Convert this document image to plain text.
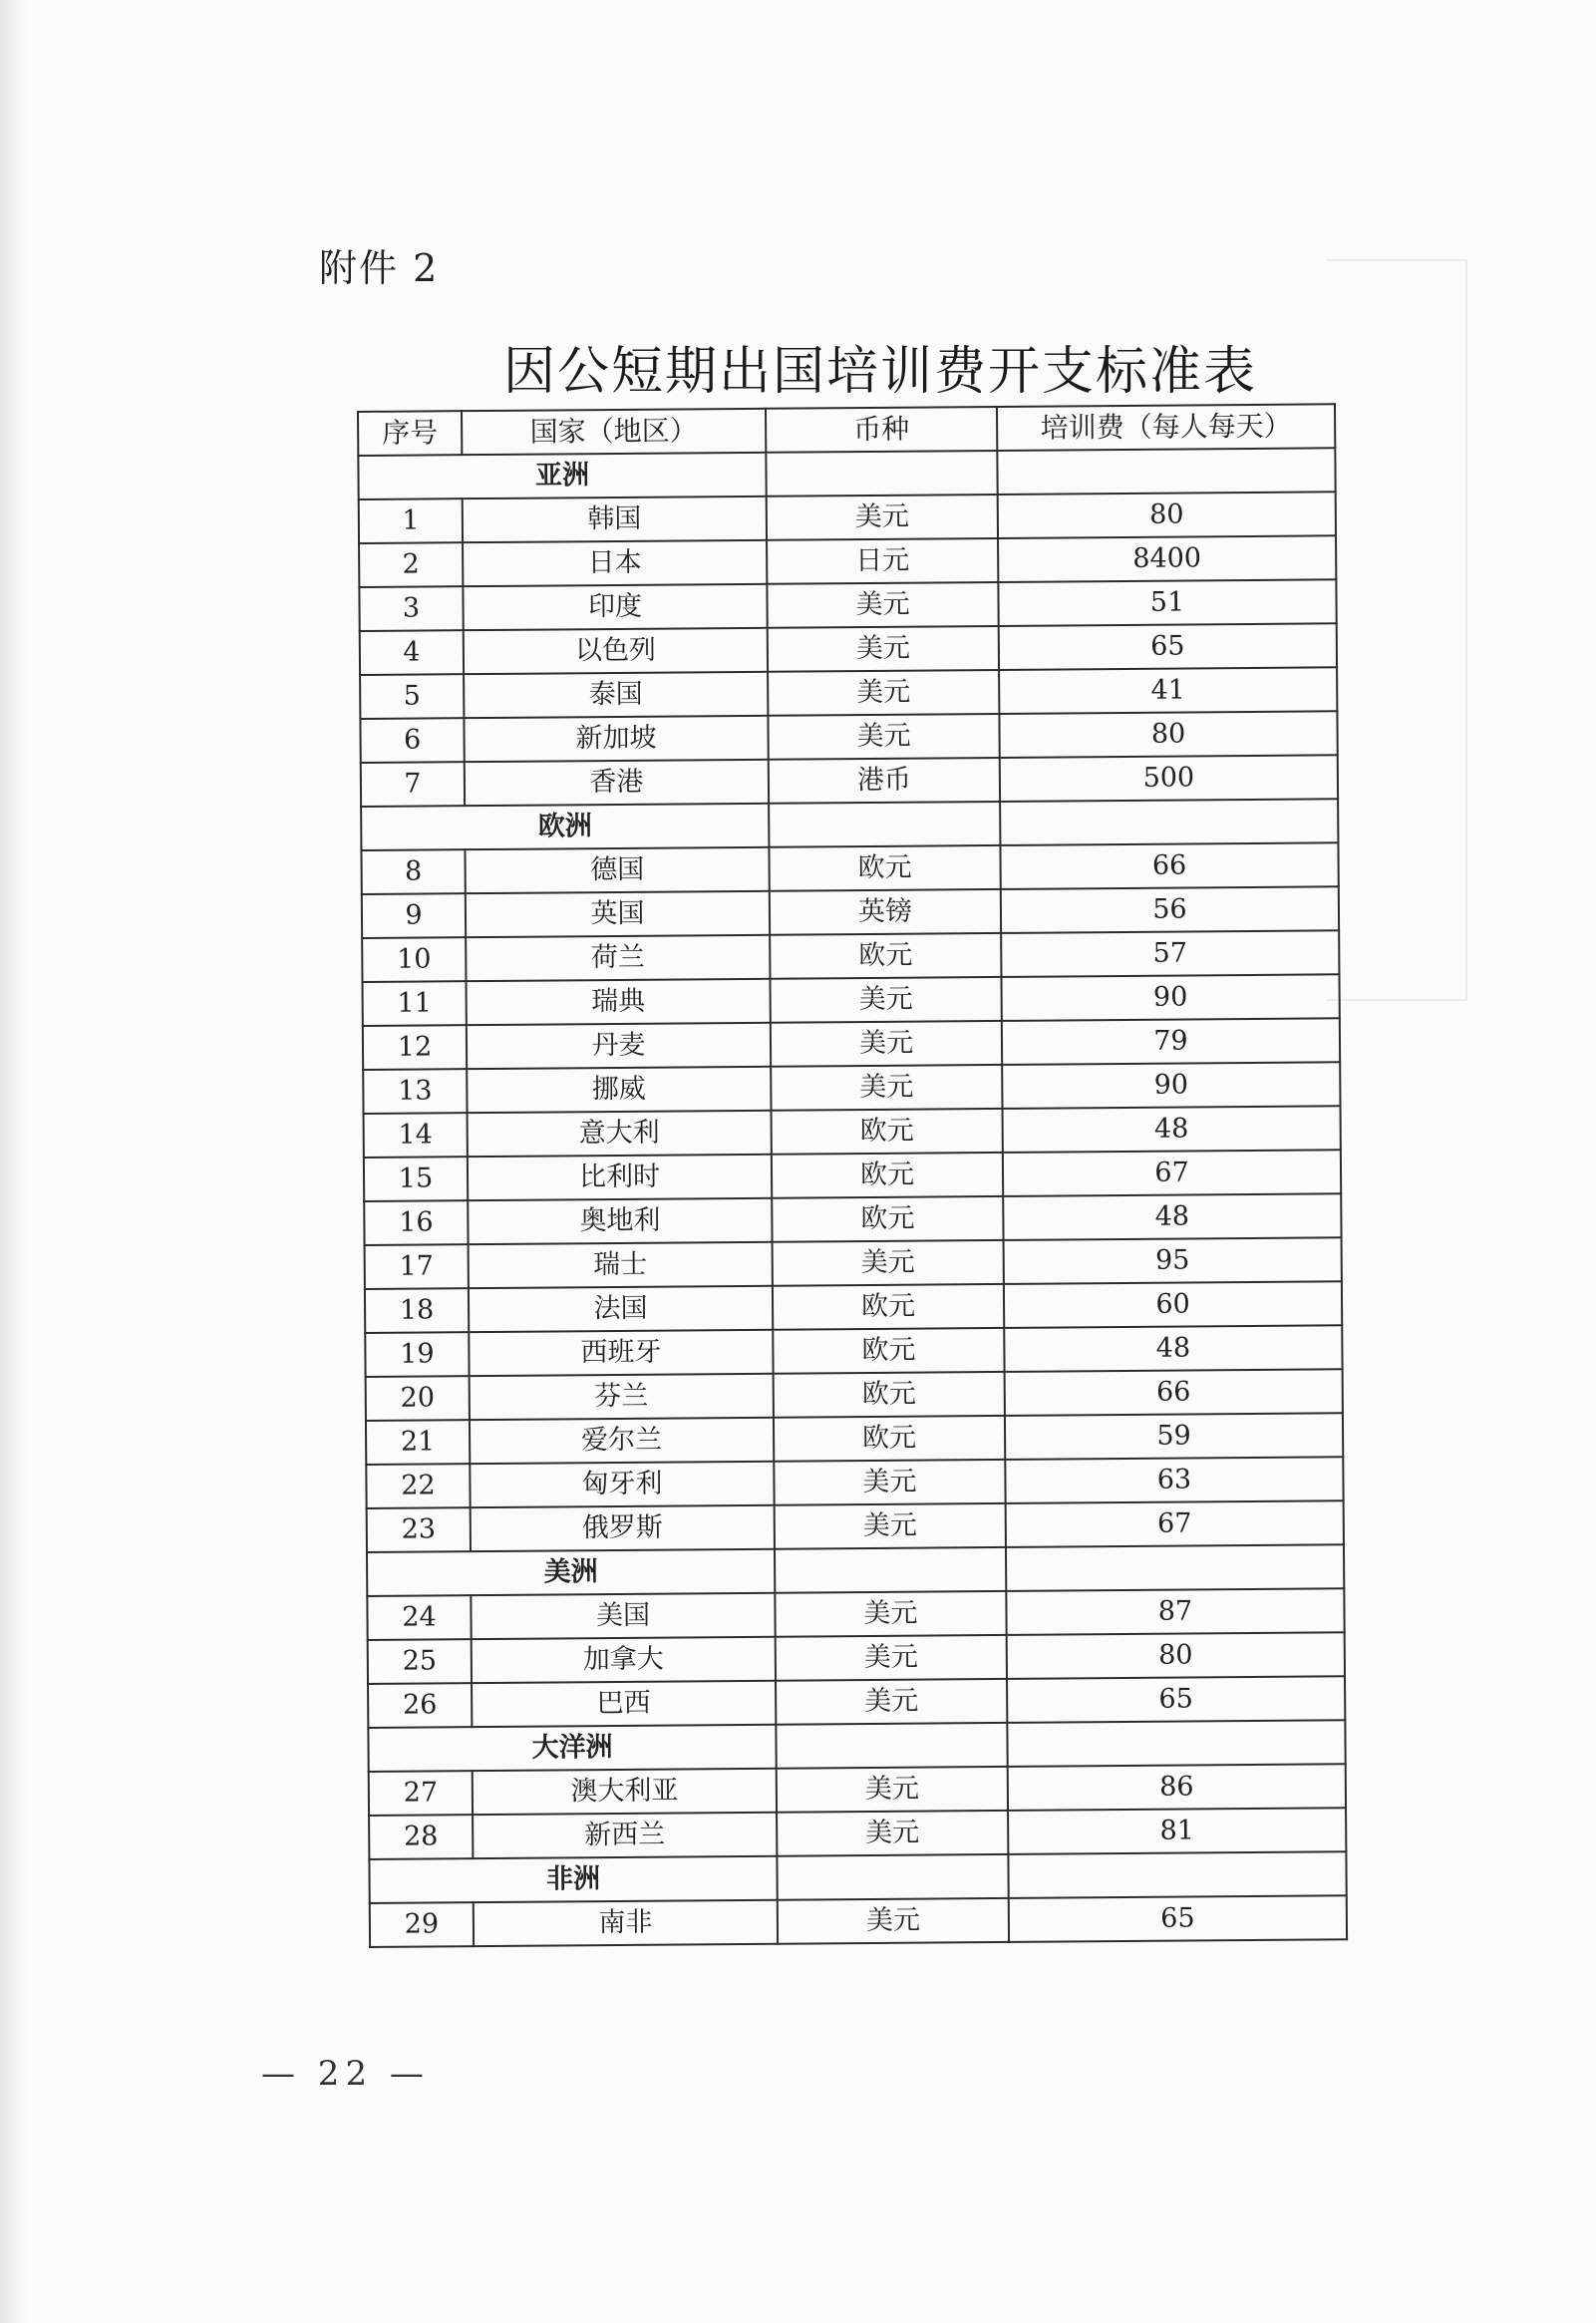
附件 2
因公短期出国培训费开支标准表
序号	国家（地区）	币种	培训费（每人每天）
亚洲			
1	韩国	美元	80
2	日本	日元	8400
3	印度	美元	51
4	以色列	美元	65
5	泰国	美元	41
6	新加坡	美元	80
7	香港	港币	500
欧洲			
8	德国	欧元	66
9	英国	英镑	56
10	荷兰	欧元	57
11	瑞典	美元	90
12	丹麦	美元	79
13	挪威	美元	90
14	意大利	欧元	48
15	比利时	欧元	67
16	奥地利	欧元	48
17	瑞士	美元	95
18	法国	欧元	60
19	西班牙	欧元	48
20	芬兰	欧元	66
21	爱尔兰	欧元	59
22	匈牙利	美元	63
23	俄罗斯	美元	67
美洲			
24	美国	美元	87
25	加拿大	美元	80
26	巴西	美元	65
大洋洲			
27	澳大利亚	美元	86
28	新西兰	美元	81
非洲			
29	南非	美元	65
— 22 —
